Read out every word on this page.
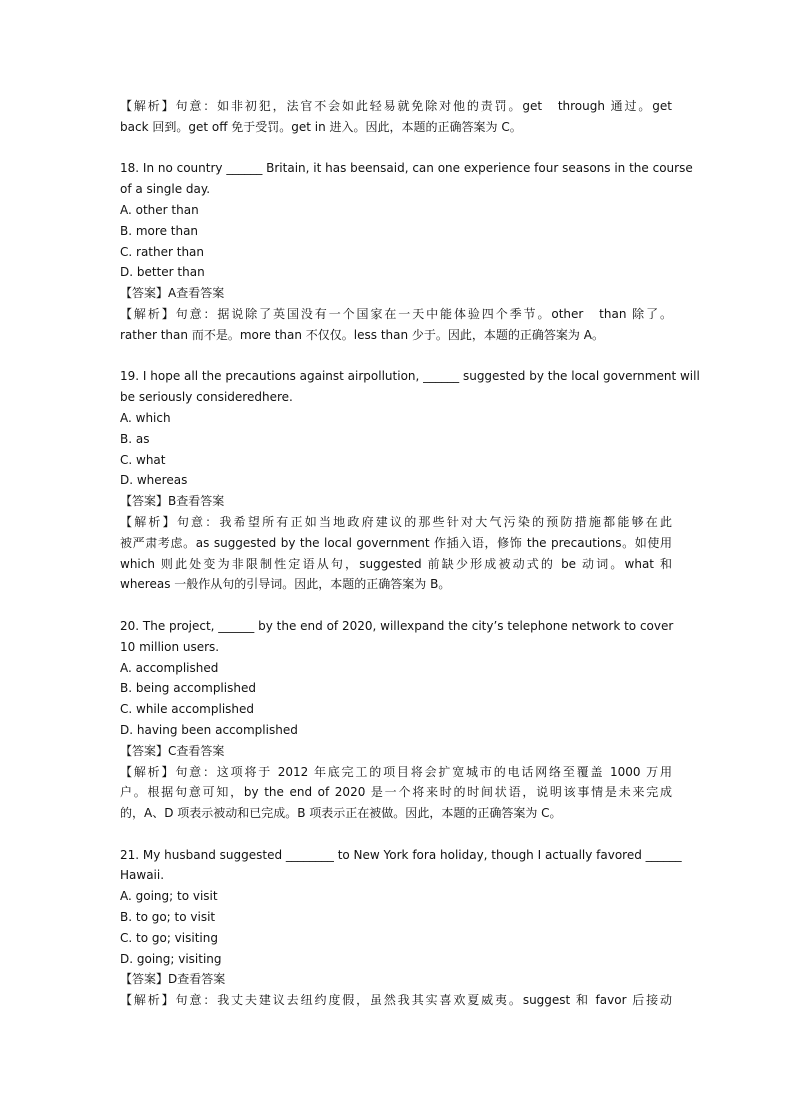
【解析】句意：如非初犯，法官不会如此轻易就免除对他的责罚。get　through 通过。get
back 回到。get off 免于受罚。get in 进入。因此，本题的正确答案为 C。
18. In no country ______ Britain, it has beensaid, can one experience four seasons in the course
of a single day.
A. other than
B. more than
C. rather than
D. better than
【答案】A查看答案
【解析】句意：据说除了英国没有一个国家在一天中能体验四个季节。other　than 除了。
rather than 而不是。more than 不仅仅。less than 少于。因此，本题的正确答案为 A。
19. I hope all the precautions against airpollution, ______ suggested by the local government will
be seriously consideredhere.
A. which
B. as
C. what
D. whereas
【答案】B查看答案
【解析】句意：我希望所有正如当地政府建议的那些针对大气污染的预防措施都能够在此
被严肃考虑。as suggested by the local government 作插入语，修饰 the precautions。如使用
which 则此处变为非限制性定语从句，suggested 前缺少形成被动式的 be 动词。what 和
whereas 一般作从句的引导词。因此，本题的正确答案为 B。
20. The project, ______ by the end of 2020, willexpand the city’s telephone network to cover
10 million users.
A. accomplished
B. being accomplished
C. while accomplished
D. having been accomplished
【答案】C查看答案
【解析】句意：这项将于 2012 年底完工的项目将会扩宽城市的电话网络至覆盖 1000 万用
户。根据句意可知，by the end of 2020 是一个将来时的时间状语，说明该事情是未来完成
的，A、D 项表示被动和已完成。B 项表示正在被做。因此，本题的正确答案为 C。
21. My husband suggested ________ to New York fora holiday, though I actually favored ______
Hawaii.
A. going; to visit
B. to go; to visit
C. to go; visiting
D. going; visiting
【答案】D查看答案
【解析】句意：我丈夫建议去纽约度假，虽然我其实喜欢夏威夷。suggest 和 favor 后接动
